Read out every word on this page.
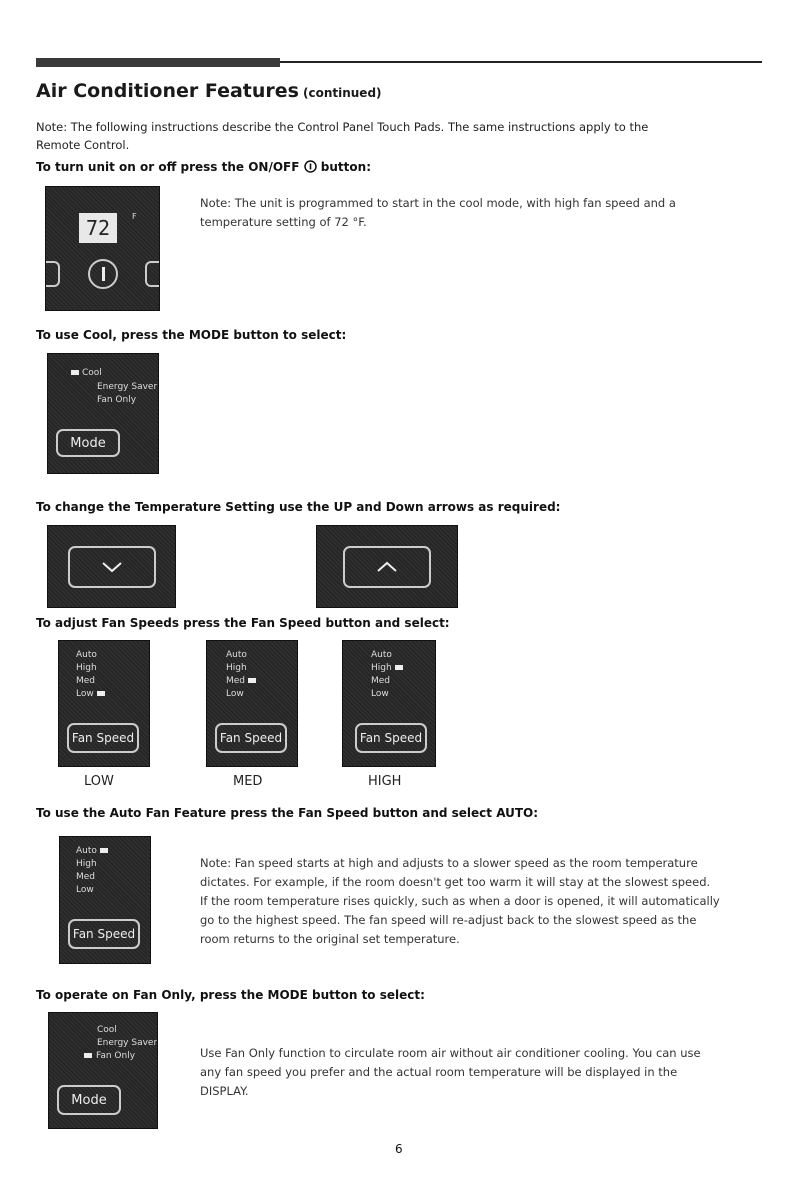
Air Conditioner Features (continued)
Note: The following instructions describe the Control Panel Touch Pads. The same instructions apply to the Remote Control.
To turn unit on or off press the ON/OFF button:
72	F
Note: The unit is programmed to start in the cool mode, with high fan speed and a temperature setting of 72 °F.
To use Cool, press the MODE button to select:
Cool
Energy Saver
Fan Only
Mode
To change the Temperature Setting use the UP and Down arrows as required:
To adjust Fan Speeds press the Fan Speed button and select:
Auto
High
Med
Low
Fan Speed
LOW
Auto
High
Med
Low
Fan Speed
MED
Auto
High
Med
Low
Fan Speed
HIGH
To use the Auto Fan Feature press the Fan Speed button and select AUTO:
Auto
High
Med
Low
Fan Speed
Note: Fan speed starts at high and adjusts to a slower speed as the room temperature dictates. For example, if the room doesn't get too warm it will stay at the slowest speed. If the room temperature rises quickly, such as when a door is opened, it will automatically go to the highest speed. The fan speed will re-adjust back to the slowest speed as the room returns to the original set temperature.
To operate on Fan Only, press the MODE button to select:
Cool
Energy Saver
Fan Only
Mode
Use Fan Only function to circulate room air without air conditioner cooling. You can use any fan speed you prefer and the actual room temperature will be displayed in the DISPLAY.
6
